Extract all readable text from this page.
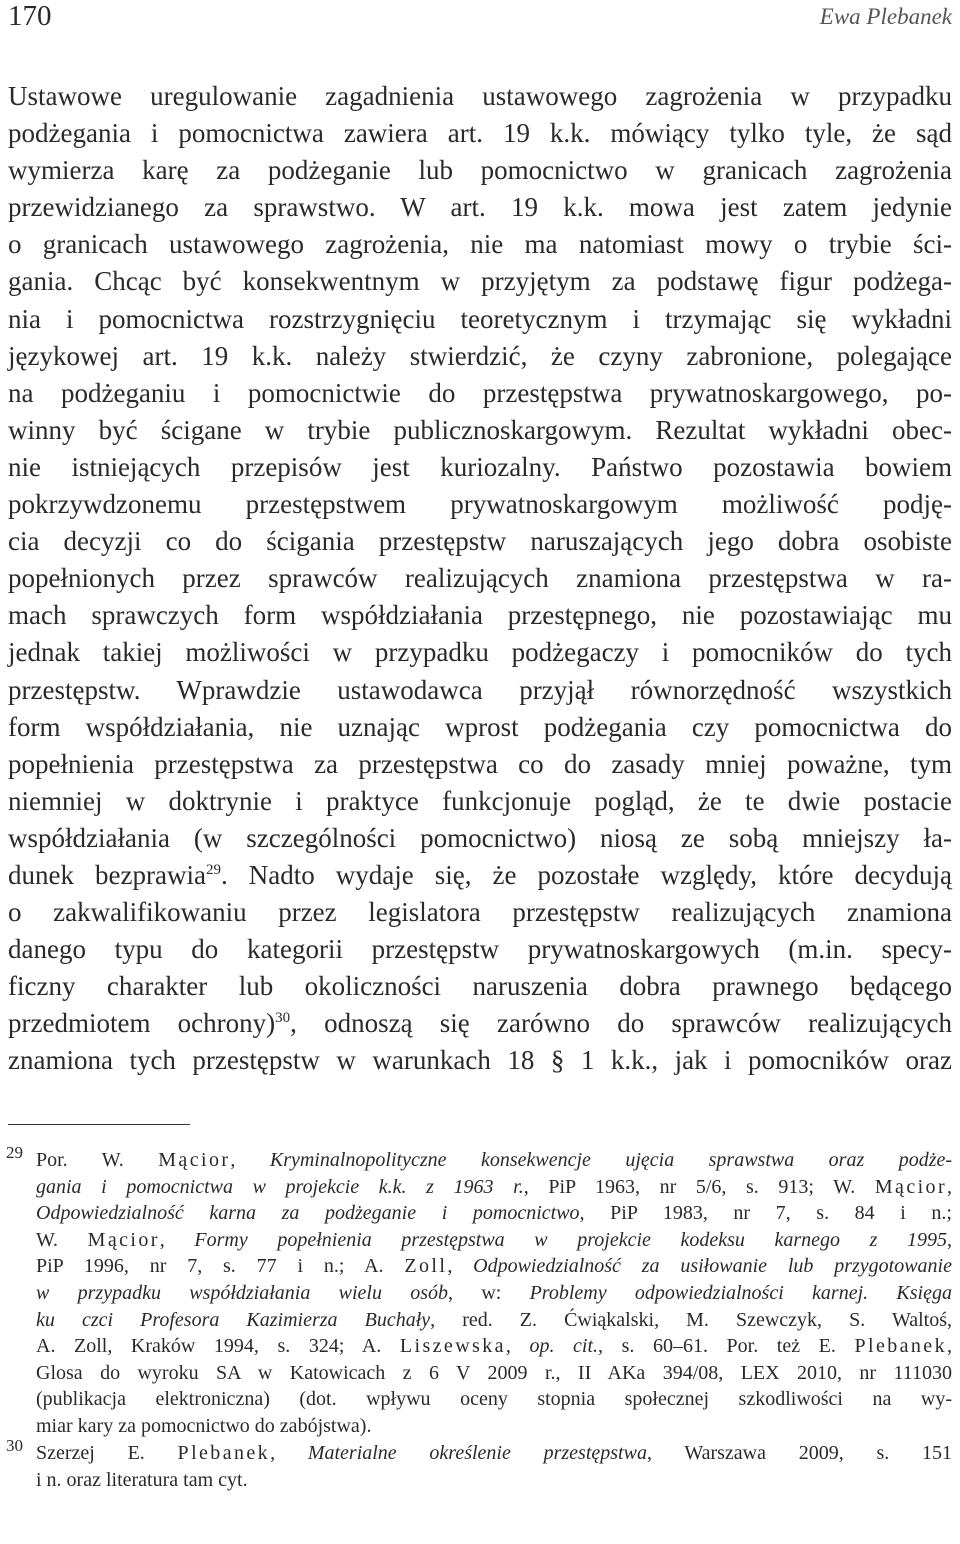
170	Ewa Plebanek
Ustawowe uregulowanie zagadnienia ustawowego zagrożenia w przypadku
podżegania i pomocnictwa zawiera art. 19 k.k. mówiący tylko tyle, że sąd
wymierza karę za podżeganie lub pomocnictwo w granicach zagrożenia
przewidzianego za sprawstwo. W art. 19 k.k. mowa jest zatem jedynie
o granicach ustawowego zagrożenia, nie ma natomiast mowy o trybie ści-
gania. Chcąc być konsekwentnym w przyjętym za podstawę figur podżega-
nia i pomocnictwa rozstrzygnięciu teoretycznym i trzymając się wykładni
językowej art. 19 k.k. należy stwierdzić, że czyny zabronione, polegające
na podżeganiu i pomocnictwie do przestępstwa prywatnoskargowego, po-
winny być ścigane w trybie publicznoskargowym. Rezultat wykładni obec-
nie istniejących przepisów jest kuriozalny. Państwo pozostawia bowiem
pokrzywdzonemu przestępstwem prywatnoskargowym możliwość podję-
cia decyzji co do ścigania przestępstw naruszających jego dobra osobiste
popełnionych przez sprawców realizujących znamiona przestępstwa w ra-
mach sprawczych form współdziałania przestępnego, nie pozostawiając mu
jednak takiej możliwości w przypadku podżegaczy i pomocników do tych
przestępstw. Wprawdzie ustawodawca przyjął równorzędność wszystkich
form współdziałania, nie uznając wprost podżegania czy pomocnictwa do
popełnienia przestępstwa za przestępstwa co do zasady mniej poważne, tym
niemniej w doktrynie i praktyce funkcjonuje pogląd, że te dwie postacie
współdziałania (w szczególności pomocnictwo) niosą ze sobą mniejszy ła-
dunek bezprawia$^{29}$. Nadto wydaje się, że pozostałe względy, które decydują
o zakwalifikowaniu przez legislatora przestępstw realizujących znamiona
danego typu do kategorii przestępstw prywatnoskargowych (m.in. specy-
ficzny charakter lub okoliczności naruszenia dobra prawnego będącego
przedmiotem ochrony)$^{30}$, odnoszą się zarówno do sprawców realizujących
znamiona tych przestępstw w warunkach 18 § 1 k.k., jak i pomocników oraz
29 Por. W. Mącior, Kryminalnopolityczne konsekwencje ujęcia sprawstwa oraz podże-
gania i pomocnictwa w projekcie k.k. z 1963 r., PiP 1963, nr 5/6, s. 913; W. Mącior,
Odpowiedzialność karna za podżeganie i pomocnictwo, PiP 1983, nr 7, s. 84 i n.;
W. Mącior, Formy popełnienia przestępstwa w projekcie kodeksu karnego z 1995,
PiP 1996, nr 7, s. 77 i n.; A. Zoll, Odpowiedzialność za usiłowanie lub przygotowanie
w przypadku współdziałania wielu osób, w: Problemy odpowiedzialności karnej. Księga
ku czci Profesora Kazimierza Buchały, red. Z. Ćwiąkalski, M. Szewczyk, S. Waltoś,
A. Zoll, Kraków 1994, s. 324; A. Liszewska, op. cit., s. 60–61. Por. też E. Plebanek,
Glosa do wyroku SA w Katowicach z 6 V 2009 r., II AKa 394/08, LEX 2010, nr 111030
(publikacja elektroniczna) (dot. wpływu oceny stopnia społecznej szkodliwości na wy-
miar kary za pomocnictwo do zabójstwa).
30 Szerzej E. Plebanek, Materialne określenie przestępstwa, Warszawa 2009, s. 151
i n. oraz literatura tam cyt.
